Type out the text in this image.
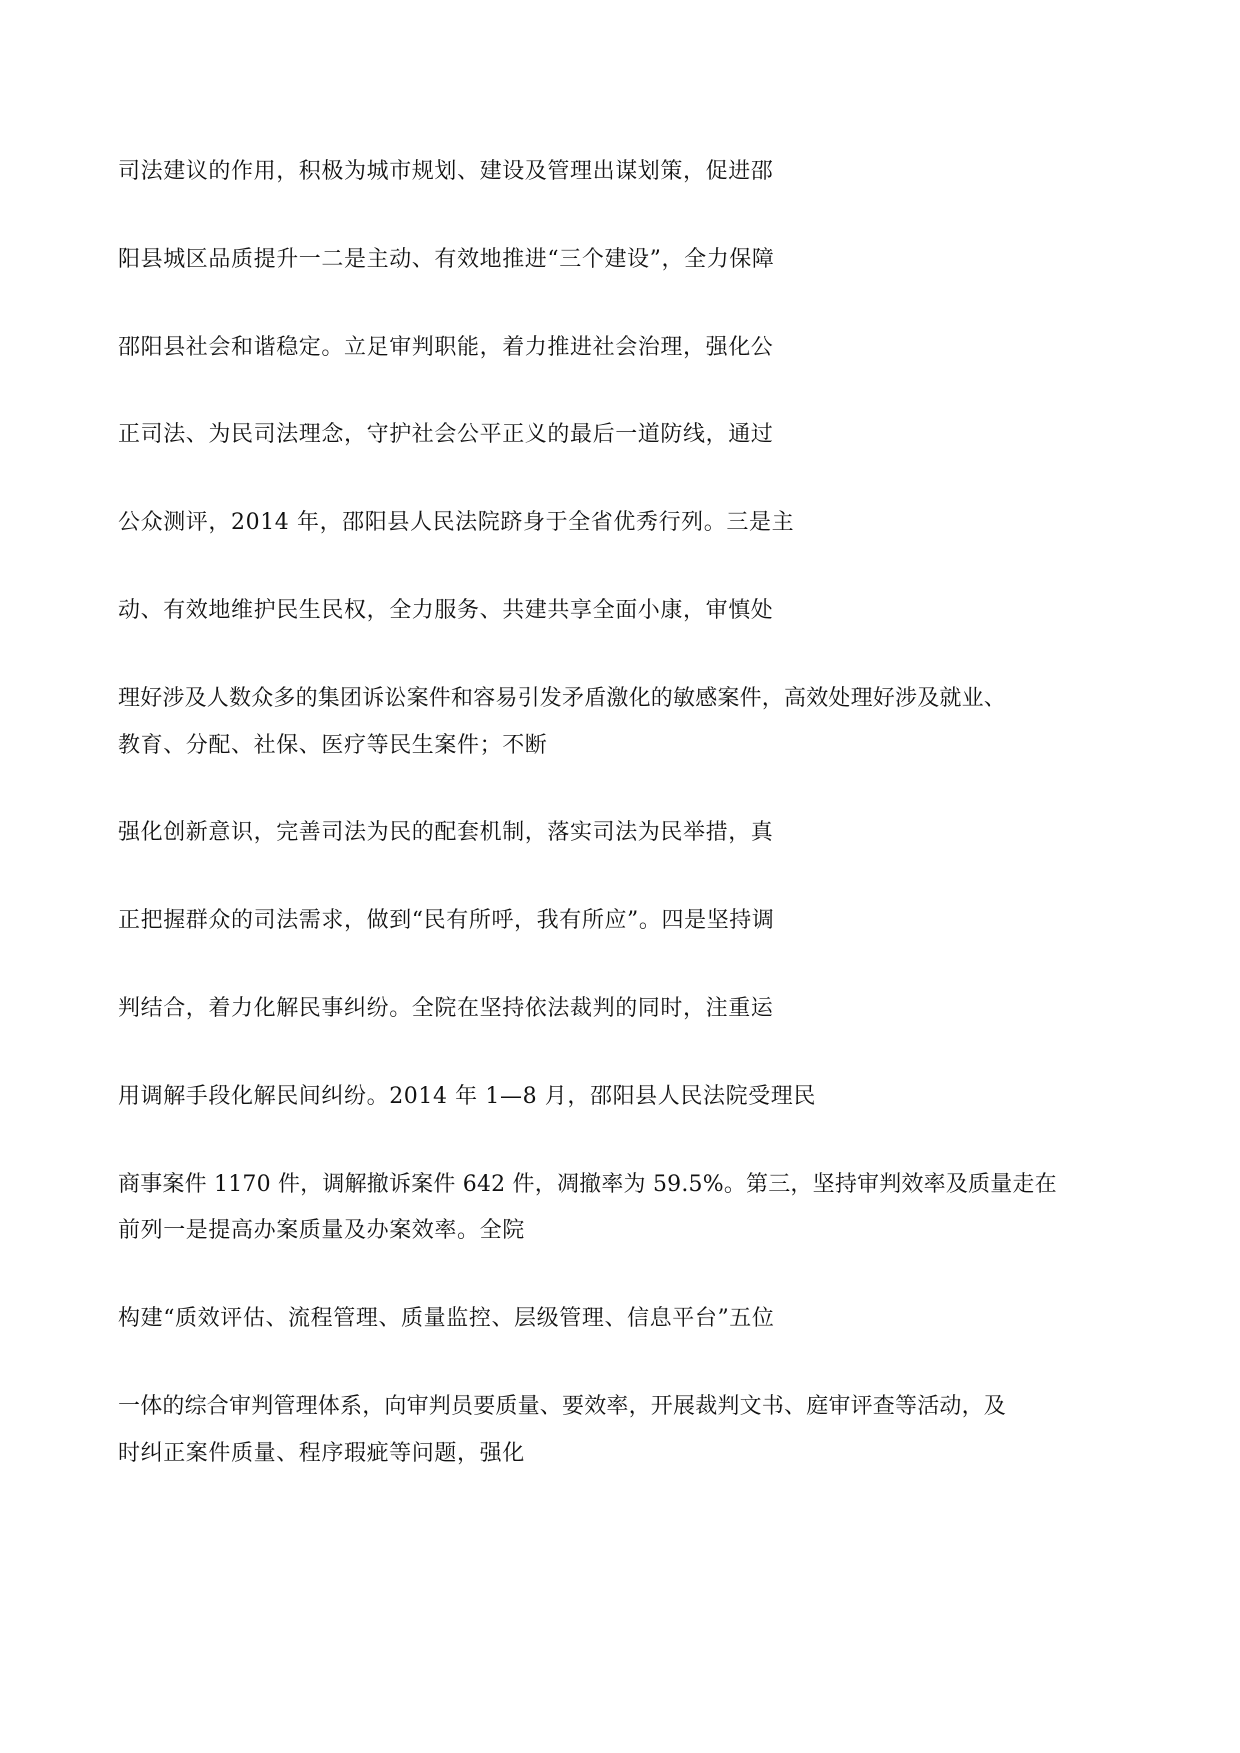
司法建议的作用，积极为城市规划、建设及管理出谋划策，促进邵
阳县城区品质提升一二是主动、有效地推进“三个建设”，全力保障
邵阳县社会和谐稳定。立足审判职能，着力推进社会治理，强化公
正司法、为民司法理念，守护社会公平正义的最后一道防线，通过
公众测评，2014 年，邵阳县人民法院跻身于全省优秀行列。三是主
动、有效地维护民生民权，全力服务、共建共享全面小康，审慎处
理好涉及人数众多的集团诉讼案件和容易引发矛盾激化的敏感案件，高效处理好涉及就业、
教育、分配、社保、医疗等民生案件；不断
强化创新意识，完善司法为民的配套机制，落实司法为民举措，真
正把握群众的司法需求，做到“民有所呼，我有所应”。四是坚持调
判结合，着力化解民事纠纷。全院在坚持依法裁判的同时，注重运
用调解手段化解民间纠纷。2014 年 1—8 月，邵阳县人民法院受理民
商事案件 1170 件，调解撤诉案件 642 件，凋撤率为 59.5%。第三，坚持审判效率及质量走在
前列一是提高办案质量及办案效率。全院
构建“质效评估、流程管理、质量监控、层级管理、信息平台”五位
一体的综合审判管理体系，向审判员要质量、要效率，开展裁判文书、庭审评查等活动，及
时纠正案件质量、程序瑕疵等问题，强化
